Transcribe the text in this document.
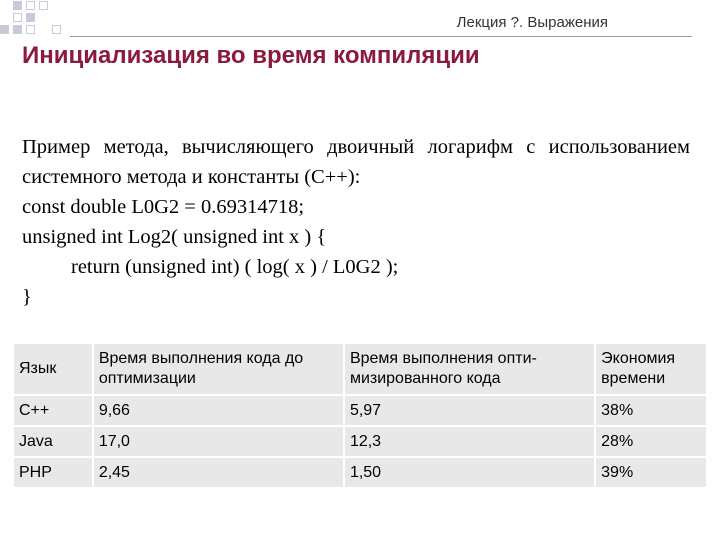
Лекция ?. Выражения
Инициализация во время компиляции
Пример метода, вычисляющего двоичный логарифм с использованием системного метода и константы (C++):
const double L0G2 = 0.69314718;
unsigned int Log2( unsigned int x ) {
return (unsigned int) ( log( x ) / L0G2 );
}
Язык	Время выполнения кода до оптимизации	Время выполнения опти-мизированного кода	Экономия времени
C++	9,66	5,97	38%
Java	17,0	12,3	28%
PHP	2,45	1,50	39%
